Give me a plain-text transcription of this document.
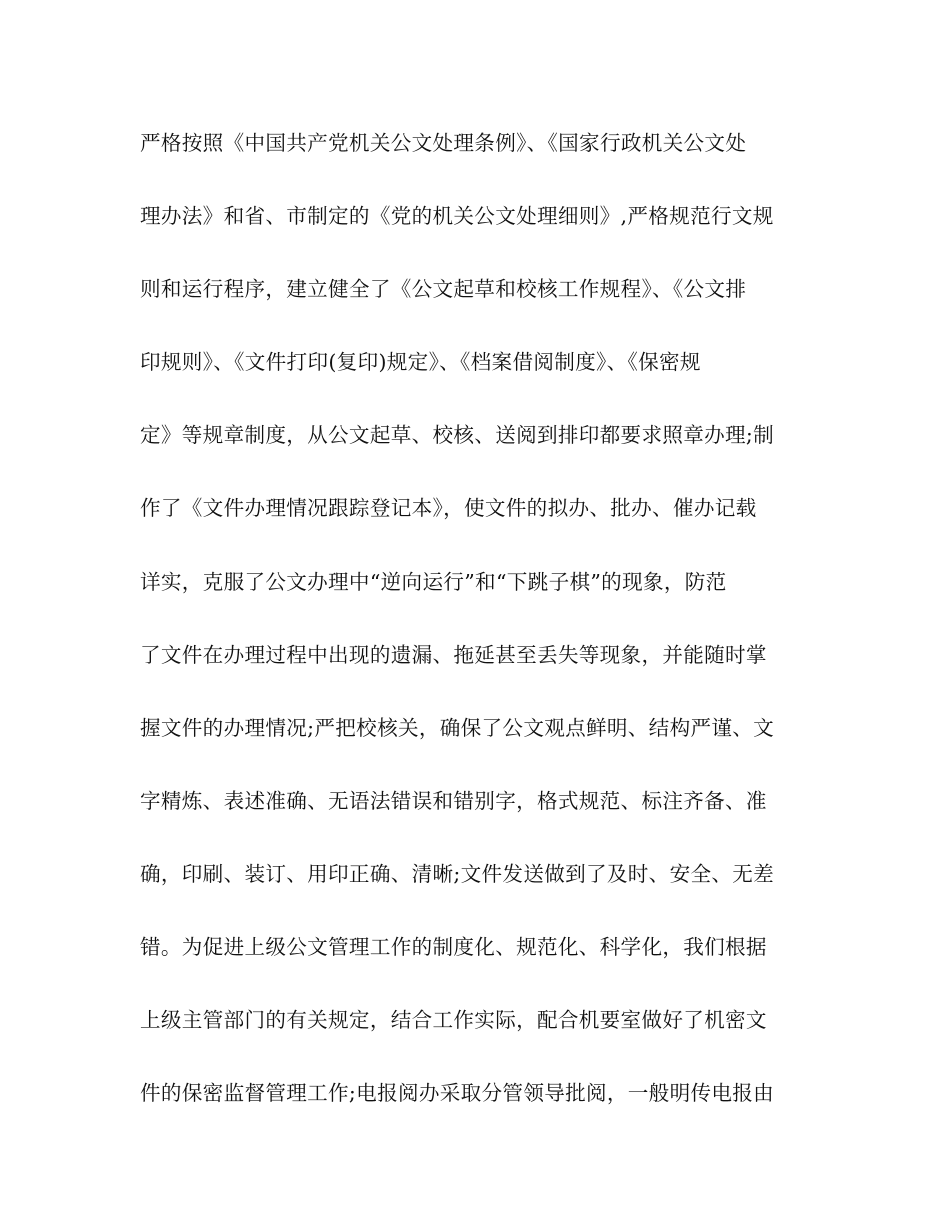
严格按照《中国共产党机关公文处理条例》、《国家行政机关公文处
理办法》和省、市制定的《党的机关公文处理细则》,严格规范行文规
则和运行程序，建立健全了《公文起草和校核工作规程》、《公文排
印规则》、《文件打印(复印)规定》、《档案借阅制度》、《保密规
定》等规章制度，从公文起草、校核、送阅到排印都要求照章办理;制
作了《文件办理情况跟踪登记本》，使文件的拟办、批办、催办记载
详实，克服了公文办理中“逆向运行”和“下跳子棋”的现象，防范
了文件在办理过程中出现的遗漏、拖延甚至丢失等现象，并能随时掌
握文件的办理情况;严把校核关，确保了公文观点鲜明、结构严谨、文
字精炼、表述准确、无语法错误和错别字，格式规范、标注齐备、准
确，印刷、装订、用印正确、清晰;文件发送做到了及时、安全、无差
错。为促进上级公文管理工作的制度化、规范化、科学化，我们根据
上级主管部门的有关规定，结合工作实际，配合机要室做好了机密文
件的保密监督管理工作;电报阅办采取分管领导批阅，一般明传电报由
